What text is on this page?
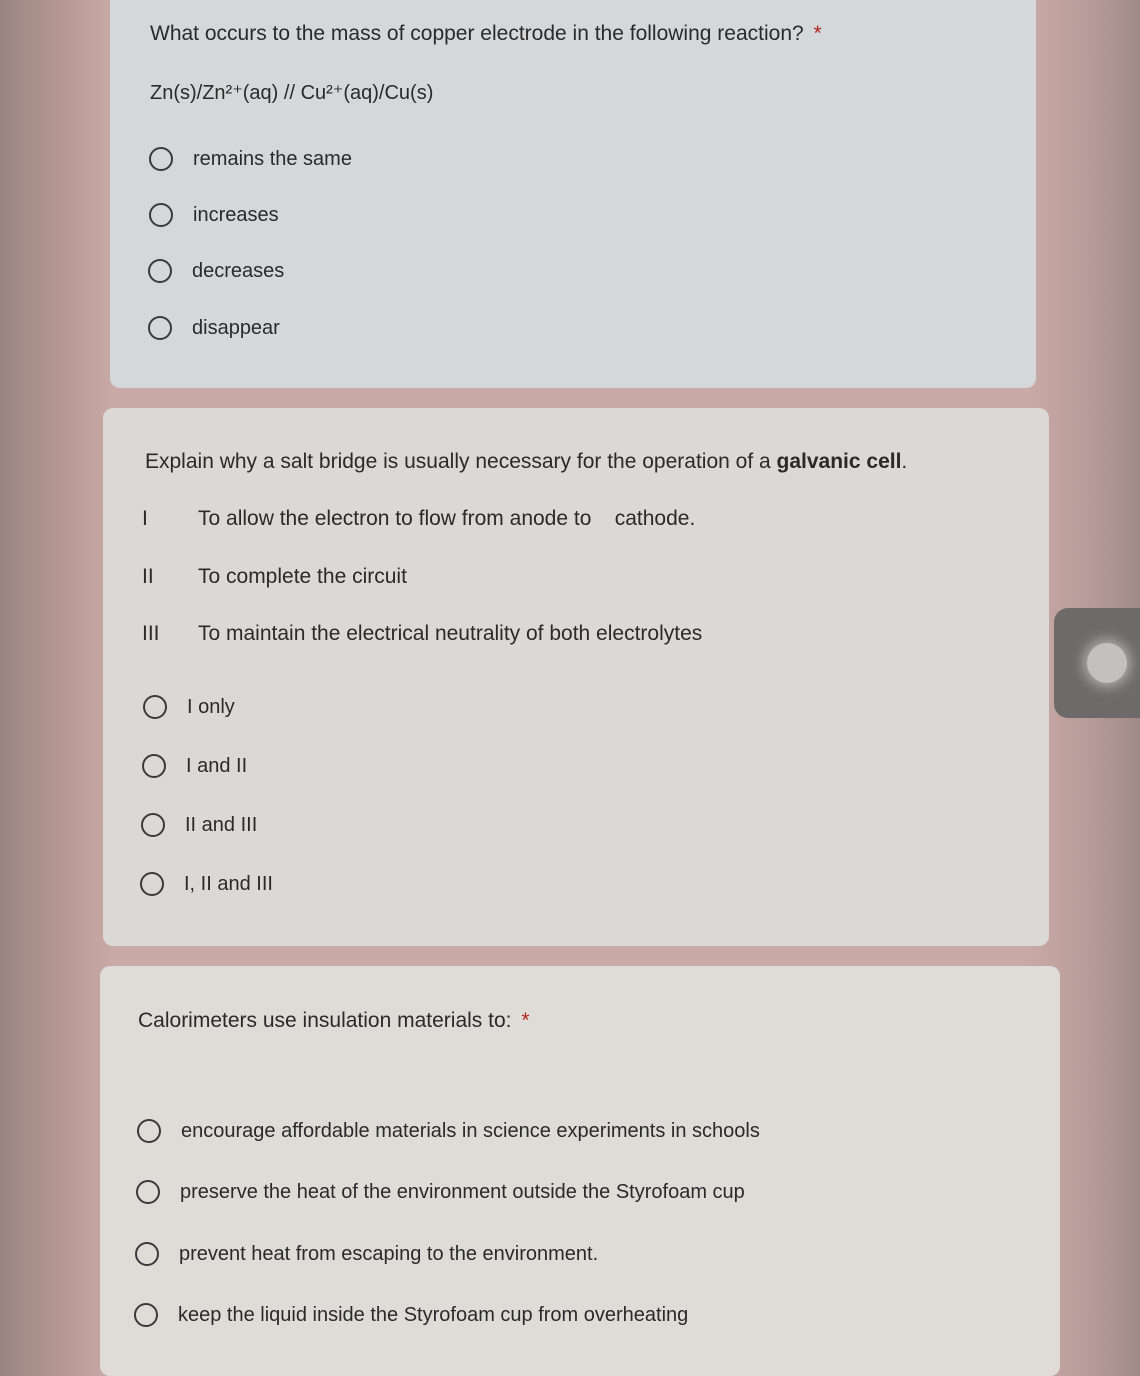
What occurs to the mass of copper electrode in the following reaction? *
Zn(s)/Zn²⁺(aq) // Cu²⁺(aq)/Cu(s)
remains the same
increases
decreases
disappear
Explain why a salt bridge is usually necessary for the operation of a galvanic cell.
I To allow the electron to flow from anode to    cathode.
II To complete the circuit
III To maintain the electrical neutrality of both electrolytes
I only
I and II
II and III
I, II and III
Calorimeters use insulation materials to: *
encourage affordable materials in science experiments in schools
preserve the heat of the environment outside the Styrofoam cup
prevent heat from escaping to the environment.
keep the liquid inside the Styrofoam cup from overheating
